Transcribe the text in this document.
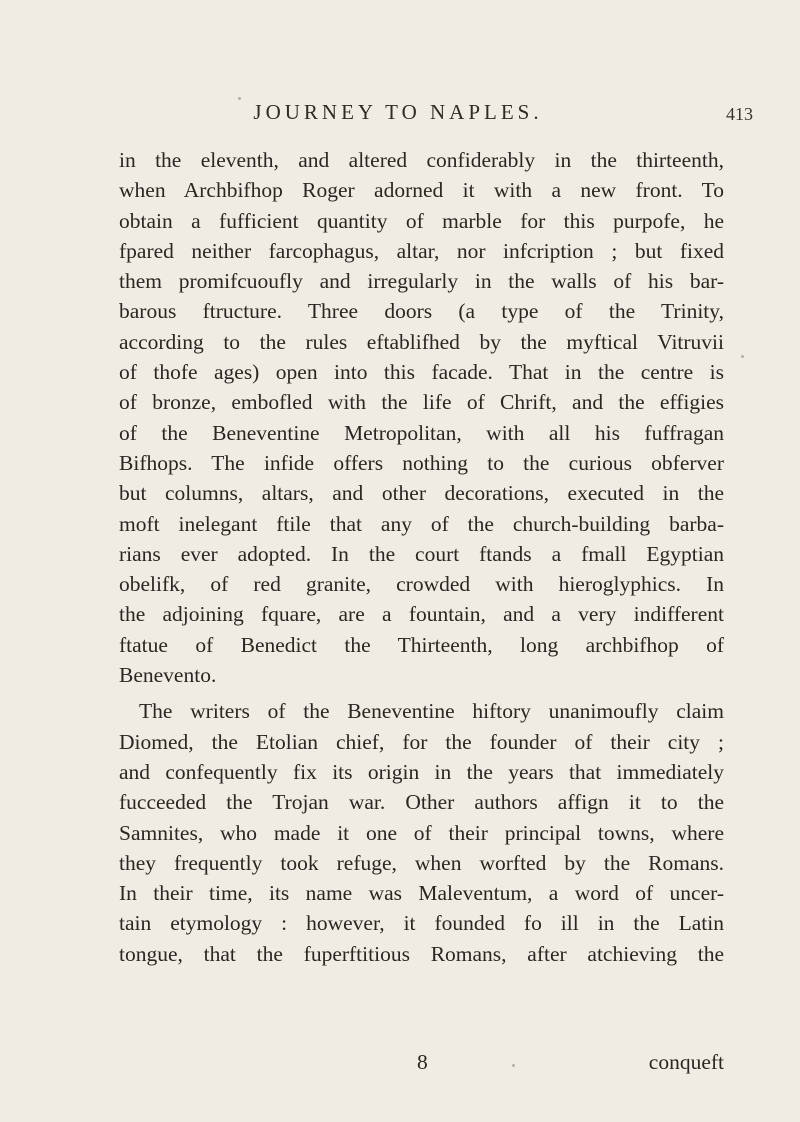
JOURNEY TO NAPLES.	413
in the eleventh, and altered confiderably in the thirteenth,
when Archbifhop Roger adorned it with a new front. To
obtain a fufficient quantity of marble for this purpofe, he
fpared neither farcophagus, altar, nor infcription ; but fixed
them promifcuoufly and irregularly in the walls of his bar-
barous ftructure. Three doors (a type of the Trinity,
according to the rules eftablifhed by the myftical Vitruvii
of thofe ages) open into this facade. That in the centre is
of bronze, embofled with the life of Chrift, and the effigies
of the Beneventine Metropolitan, with all his fuffragan
Bifhops. The infide offers nothing to the curious obferver
but columns, altars, and other decorations, executed in the
moft inelegant ftile that any of the church-building barba-
rians ever adopted. In the court ftands a fmall Egyptian
obelifk, of red granite, crowded with hieroglyphics. In
the adjoining fquare, are a fountain, and a very indifferent
ftatue of Benedict the Thirteenth, long archbifhop of
Benevento.
The writers of the Beneventine hiftory unanimoufly claim
Diomed, the Etolian chief, for the founder of their city ;
and confequently fix its origin in the years that immediately
fucceeded the Trojan war. Other authors affign it to the
Samnites, who made it one of their principal towns, where
they frequently took refuge, when worfted by the Romans.
In their time, its name was Maleventum, a word of uncer-
tain etymology : however, it founded fo ill in the Latin
tongue, that the fuperftitious Romans, after atchieving the
8	conqueft
